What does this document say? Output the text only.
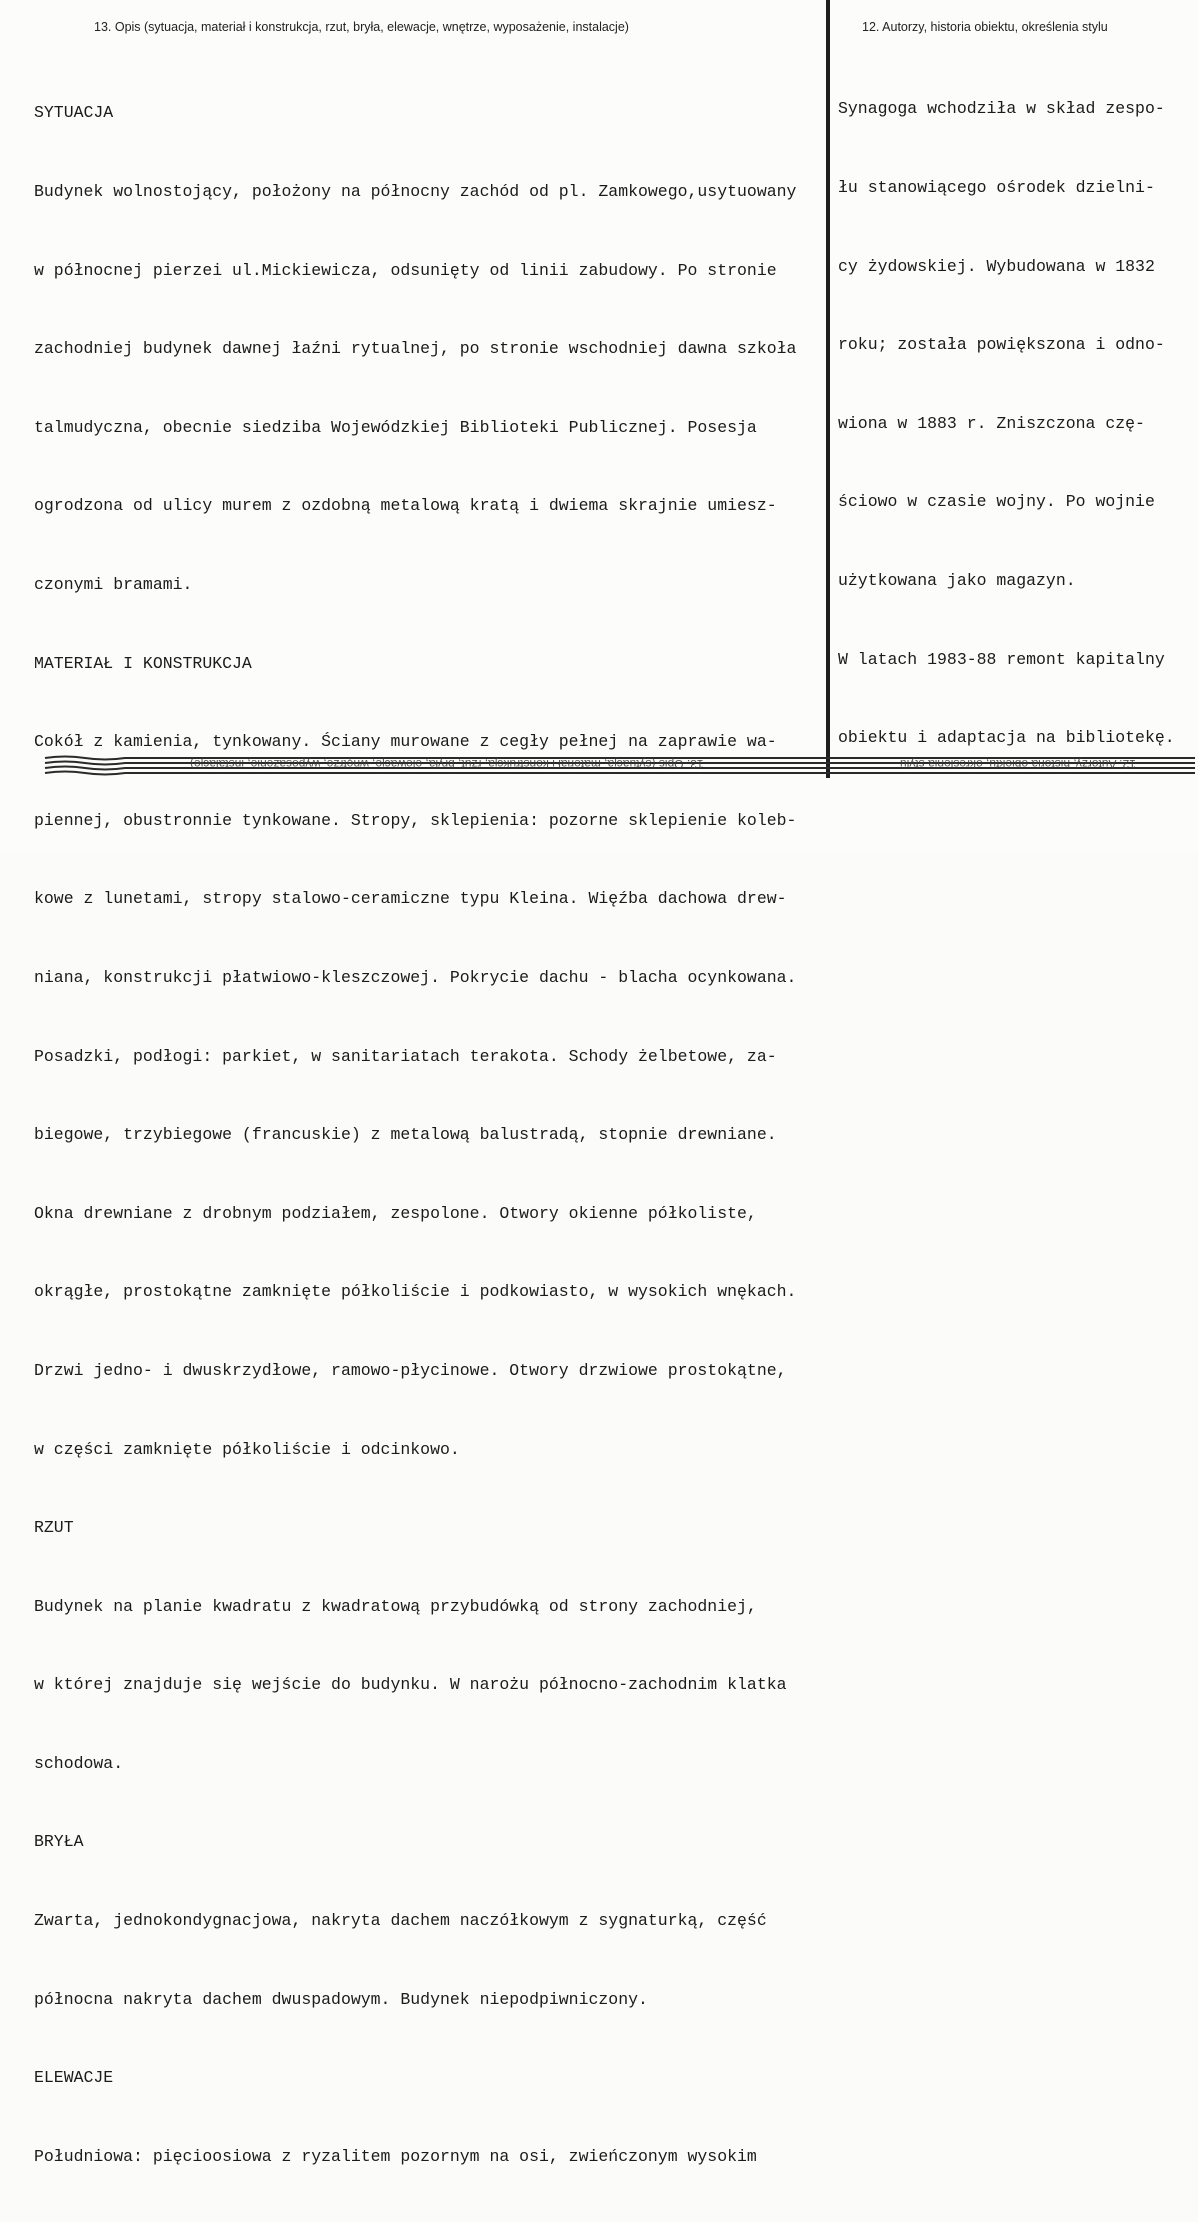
13. Opis (sytuacja, materiał i konstrukcja, rzut, bryła, elewacje, wnętrze, wyposażenie, instalacje)	12. Autorzy, historia obiektu, określenia stylu

SYTUACJA

Budynek wolnostojący, położony na północny zachód od pl. Zamkowego,usytuowany

w północnej pierzei ul.Mickiewicza, odsunięty od linii zabudowy. Po stronie

zachodniej budynek dawnej łaźni rytualnej, po stronie wschodniej dawna szkoła

talmudyczna, obecnie siedziba Wojewódzkiej Biblioteki Publicznej. Posesja

ogrodzona od ulicy murem z ozdobną metalową kratą i dwiema skrajnie umiesz-

czonymi bramami.

MATERIAŁ I KONSTRUKCJA

Cokół z kamienia, tynkowany. Ściany murowane z cegły pełnej na zaprawie wa-

piennej, obustronnie tynkowane. Stropy, sklepienia: pozorne sklepienie koleb-

kowe z lunetami, stropy stalowo-ceramiczne typu Kleina. Więźba dachowa drew-

niana, konstrukcji płatwiowo-kleszczowej. Pokrycie dachu - blacha ocynkowana.

Posadzki, podłogi: parkiet, w sanitariatach terakota. Schody żelbetowe, za-

biegowe, trzybiegowe (francuskie) z metalową balustradą, stopnie drewniane.

Okna drewniane z drobnym podziałem, zespolone. Otwory okienne półkoliste,

okrągłe, prostokątne zamknięte półkoliście i podkowiasto, w wysokich wnękach.

Drzwi jedno- i dwuskrzydłowe, ramowo-płycinowe. Otwory drzwiowe prostokątne,

w części zamknięte półkoliście i odcinkowo.

RZUT

Budynek na planie kwadratu z kwadratową przybudówką od strony zachodniej,

w której znajduje się wejście do budynku. W narożu północno-zachodnim klatka

schodowa.

BRYŁA

Zwarta, jednokondygnacjowa, nakryta dachem naczółkowym z sygnaturką, część

północna nakryta dachem dwuspadowym. Budynek niepodpiwniczony.

ELEWACJE

Południowa: pięcioosiowa z ryzalitem pozornym na osi, zwieńczonym wysokim

Synagoga wchodziła w skład zespo-

łu stanowiącego ośrodek dzielni-

cy żydowskiej. Wybudowana w 1832

roku; została powiększona i odno-

wiona w 1883 r. Zniszczona czę-

ściowo w czasie wojny. Po wojnie

użytkowana jako magazyn.

W latach 1983-88 remont kapitalny

obiektu i adaptacja na bibliotekę.

13. Opis (sytuacja, materiał i konstrukcja, rzut, bryła, elewacje, wnętrze, wyposażenie, instalacje)	12. Autorzy, historia obiektu, określenia stylu
